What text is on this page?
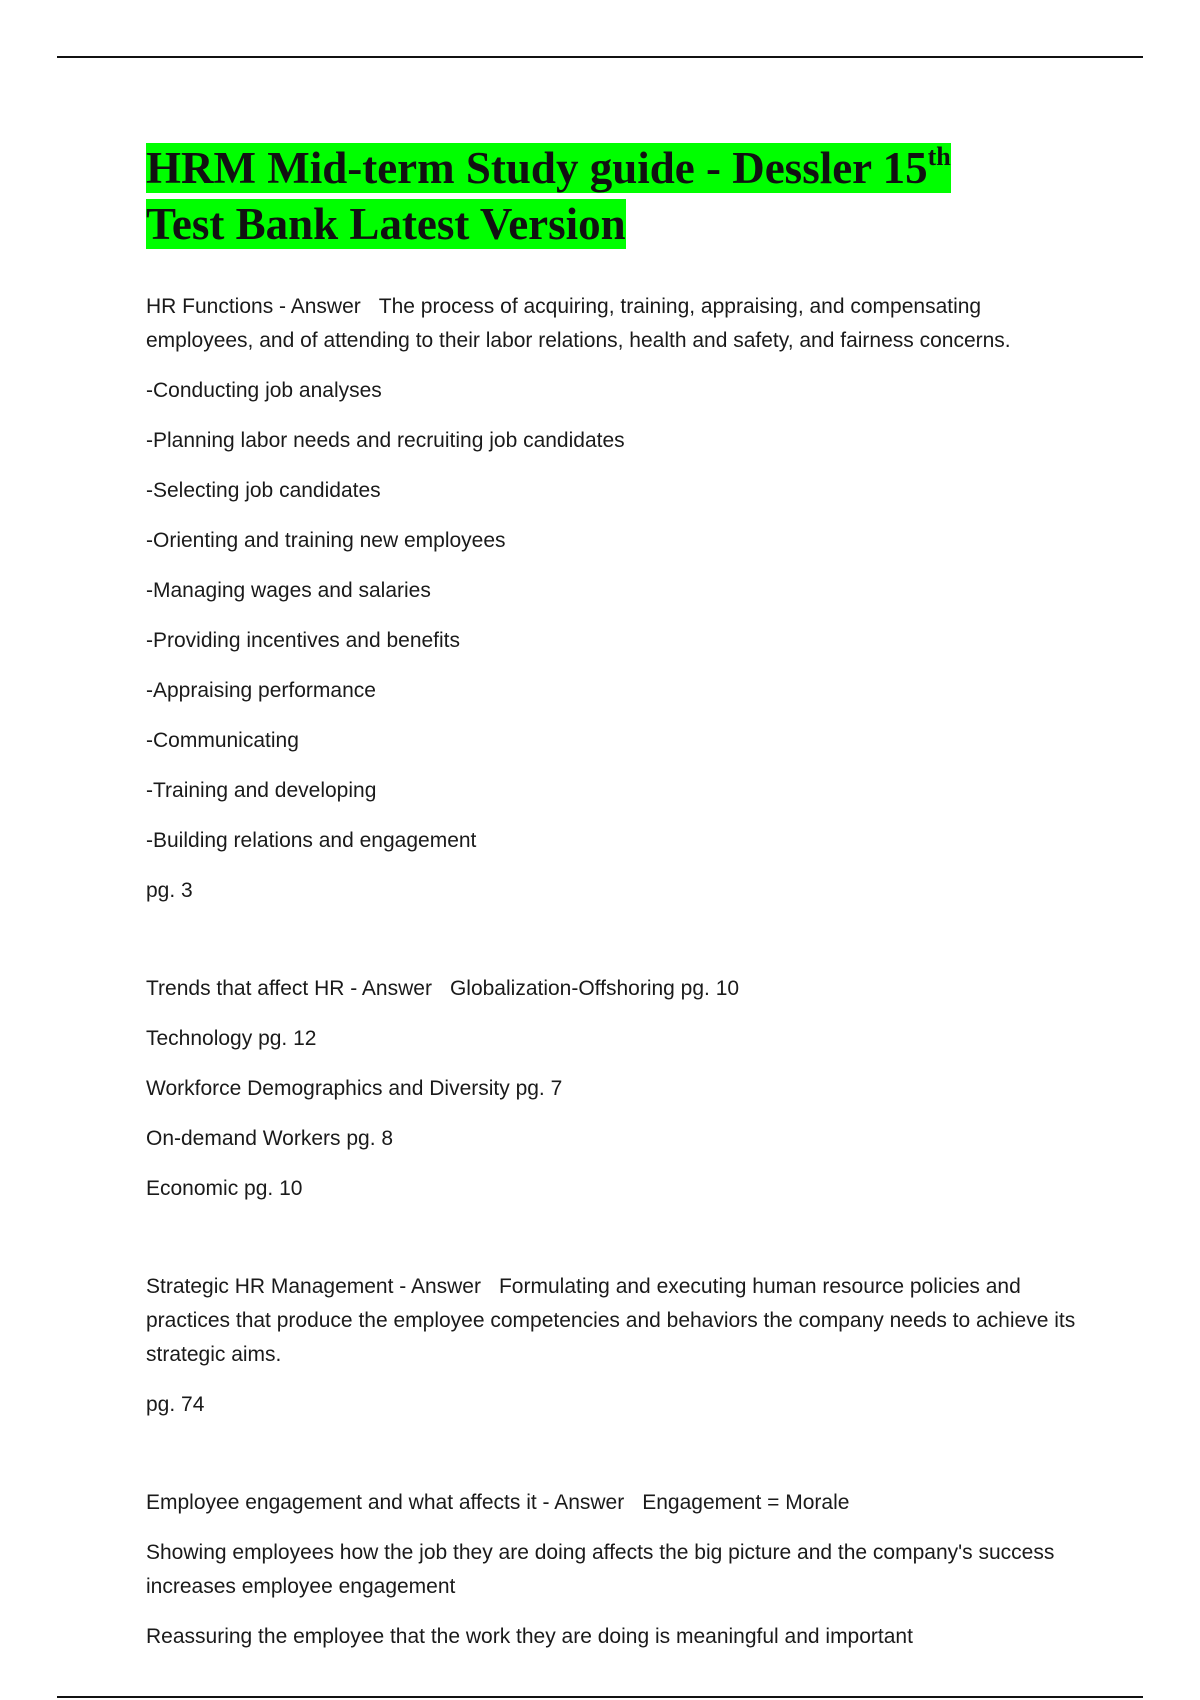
HRM Mid-term Study guide - Dessler 15th
Test Bank Latest Version

HR Functions - Answer The process of acquiring, training, appraising, and compensating employees, and of attending to their labor relations, health and safety, and fairness concerns.

-Conducting job analyses

-Planning labor needs and recruiting job candidates

-Selecting job candidates

-Orienting and training new employees

-Managing wages and salaries

-Providing incentives and benefits

-Appraising performance

-Communicating

-Training and developing

-Building relations and engagement

pg. 3

Trends that affect HR - Answer Globalization-Offshoring pg. 10

Technology pg. 12

Workforce Demographics and Diversity pg. 7

On-demand Workers pg. 8

Economic pg. 10

Strategic HR Management - Answer Formulating and executing human resource policies and practices that produce the employee competencies and behaviors the company needs to achieve its strategic aims.

pg. 74

Employee engagement and what affects it - Answer Engagement = Morale

Showing employees how the job they are doing affects the big picture and the company's success increases employee engagement

Reassuring the employee that the work they are doing is meaningful and important
